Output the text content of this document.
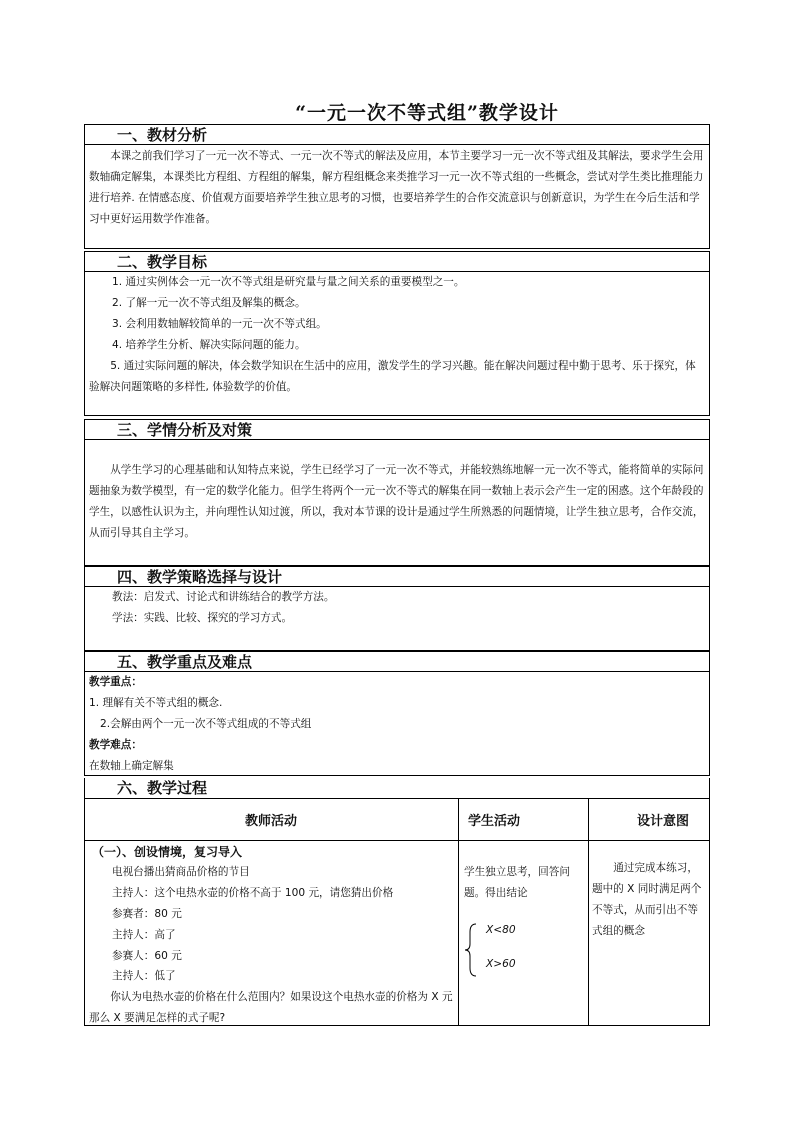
“一元一次不等式组”教学设计
一、教材分析
本课之前我们学习了一元一次不等式、一元一次不等式的解法及应用，本节主要学习一元一次不等式组及其解法，要求学生会用数轴确定解集，本课类比方程组、方程组的解集，解方程组概念来类推学习一元一次不等式组的一些概念，尝试对学生类比推理能力进行培养. 在情感态度、价值观方面要培养学生独立思考的习惯，也要培养学生的合作交流意识与创新意识，为学生在今后生活和学习中更好运用数学作准备。
二、教学目标
1. 通过实例体会一元一次不等式组是研究量与量之间关系的重要模型之一。
2. 了解一元一次不等式组及解集的概念。
3. 会利用数轴解较简单的一元一次不等式组。
4. 培养学生分析、解决实际问题的能力。
5. 通过实际问题的解决，体会数学知识在生活中的应用，激发学生的学习兴趣。能在解决问题过程中勤于思考、乐于探究，体验解决问题策略的多样性, 体验数学的价值。
三、学情分析及对策
从学生学习的心理基础和认知特点来说，学生已经学习了一元一次不等式，并能较熟练地解一元一次不等式，能将简单的实际问题抽象为数学模型，有一定的数学化能力。但学生将两个一元一次不等式的解集在同一数轴上表示会产生一定的困惑。这个年龄段的学生，以感性认识为主，并向理性认知过渡，所以，我对本节课的设计是通过学生所熟悉的问题情境，让学生独立思考，合作交流，从而引导其自主学习。
四、教学策略选择与设计
教法：启发式、讨论式和讲练结合的教学方法。
学法：实践、比较、探究的学习方式。
五、教学重点及难点
教学重点：
1. 理解有关不等式组的概念.
2.会解由两个一元一次不等式组成的不等式组
教学难点：
在数轴上确定解集
六、教学过程
教师活动	学生活动	设计意图
（一）、创设情境，复习导入
电视台播出猜商品价格的节目
主持人：这个电热水壶的价格不高于 100 元，请您猜出价格
参赛者：80 元
主持人：高了
参赛人：60 元
主持人：低了
你认为电热水壶的价格在什么范围内？如果设这个电热水壶的价格为 X 元那么 X 要满足怎样的式子呢?
学生独立思考，回答问题。得出结论
X<80
X>60
通过完成本练习，题中的 X 同时满足两个不等式，从而引出不等式组的概念
